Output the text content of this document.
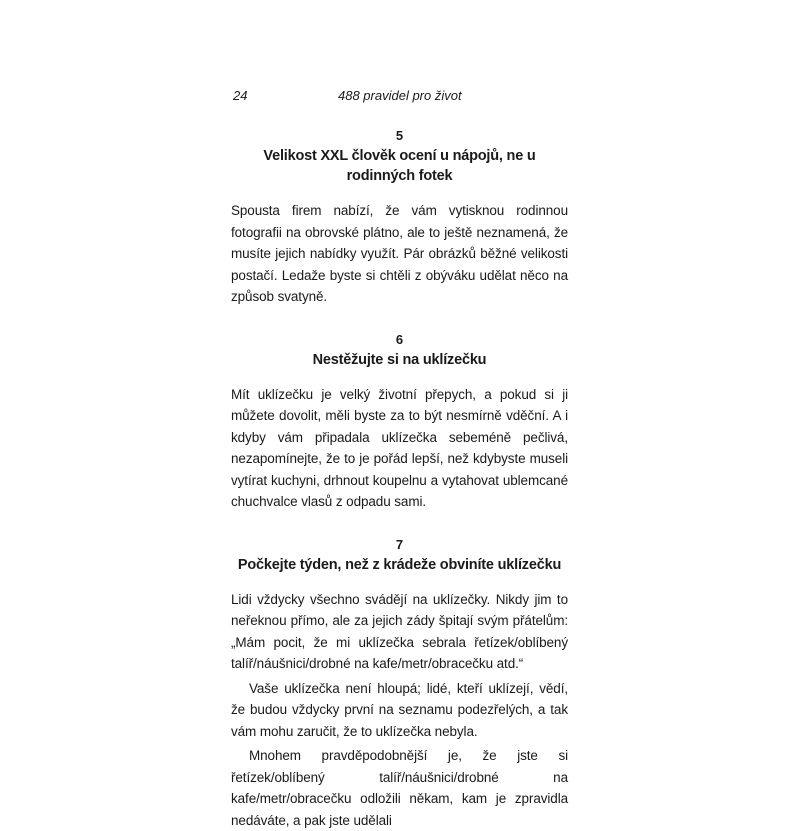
24	488 pravidel pro život

5

Velikost XXL člověk ocení u nápojů, ne u rodinných fotek

Spousta firem nabízí, že vám vytisknou rodinnou fotografii na obrovské plátno, ale to ještě neznamená, že musíte jejich nabídky využít. Pár obrázků běžné velikosti postačí. Ledaže byste si chtěli z obýváku udělat něco na způsob svatyně.

6

Nestěžujte si na uklízečku

Mít uklízečku je velký životní přepych, a pokud si ji můžete dovolit, měli byste za to být nesmírně vděční. A i kdyby vám připadala uklízečka sebeméně pečlivá, nezapomínejte, že to je pořád lepší, než kdybyste museli vytírat kuchyni, drhnout koupelnu a vytahovat ublemcané chuchvalce vlasů z odpadu sami.

7

Počkejte týden, než z krádeže obviníte uklízečku

Lidi vždycky všechno svádějí na uklízečky. Nikdy jim to neřeknou přímo, ale za jejich zády špitají svým přátelům: „Mám pocit, že mi uklízečka sebrala řetízek/oblíbený talíř/náušnici/drobné na kafe/metr/obracečku atd.“

Vaše uklízečka není hloupá; lidé, kteří uklízejí, vědí, že budou vždycky první na seznamu podezřelých, a tak vám mohu zaručit, že to uklízečka nebyla.

Mnohem pravděpodobnější je, že jste si řetízek/oblíbený talíř/náušnici/drobné na kafe/metr/obracečku odložili někam, kam je zpravidla nedáváte, a pak jste udělali
